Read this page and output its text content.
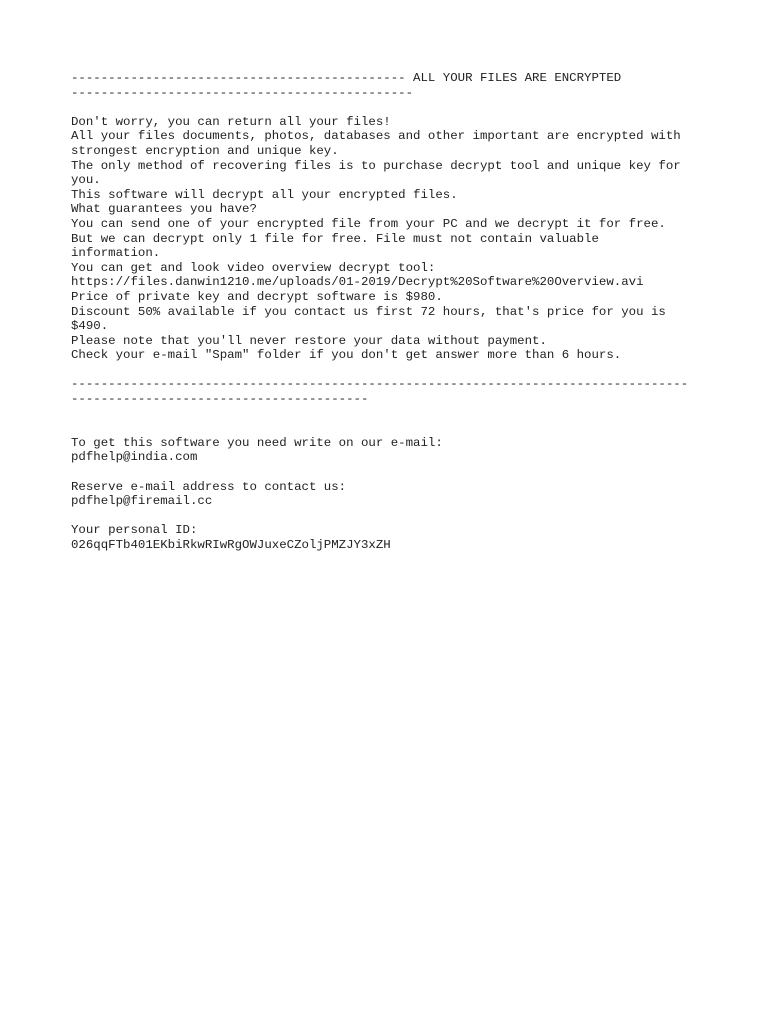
--------------------------------------------- ALL YOUR FILES ARE ENCRYPTED
----------------------------------------------
Don't worry, you can return all your files!
All your files documents, photos, databases and other important are encrypted with
strongest encryption and unique key.
The only method of recovering files is to purchase decrypt tool and unique key for
you.
This software will decrypt all your encrypted files.
What guarantees you have?
You can send one of your encrypted file from your PC and we decrypt it for free.
But we can decrypt only 1 file for free. File must not contain valuable
information.
You can get and look video overview decrypt tool:
https://files.danwin1210.me/uploads/01-2019/Decrypt%20Software%20Overview.avi
Price of private key and decrypt software is $980.
Discount 50% available if you contact us first 72 hours, that's price for you is
$490.
Please note that you'll never restore your data without payment.
Check your e-mail "Spam" folder if you don't get answer more than 6 hours.
-----------------------------------------------------------------------------------
----------------------------------------
To get this software you need write on our e-mail:
pdfhelp@india.com
Reserve e-mail address to contact us:
pdfhelp@firemail.cc
Your personal ID:
026qqFTb401EKbiRkwRIwRgOWJuxeCZoljPMZJY3xZH
